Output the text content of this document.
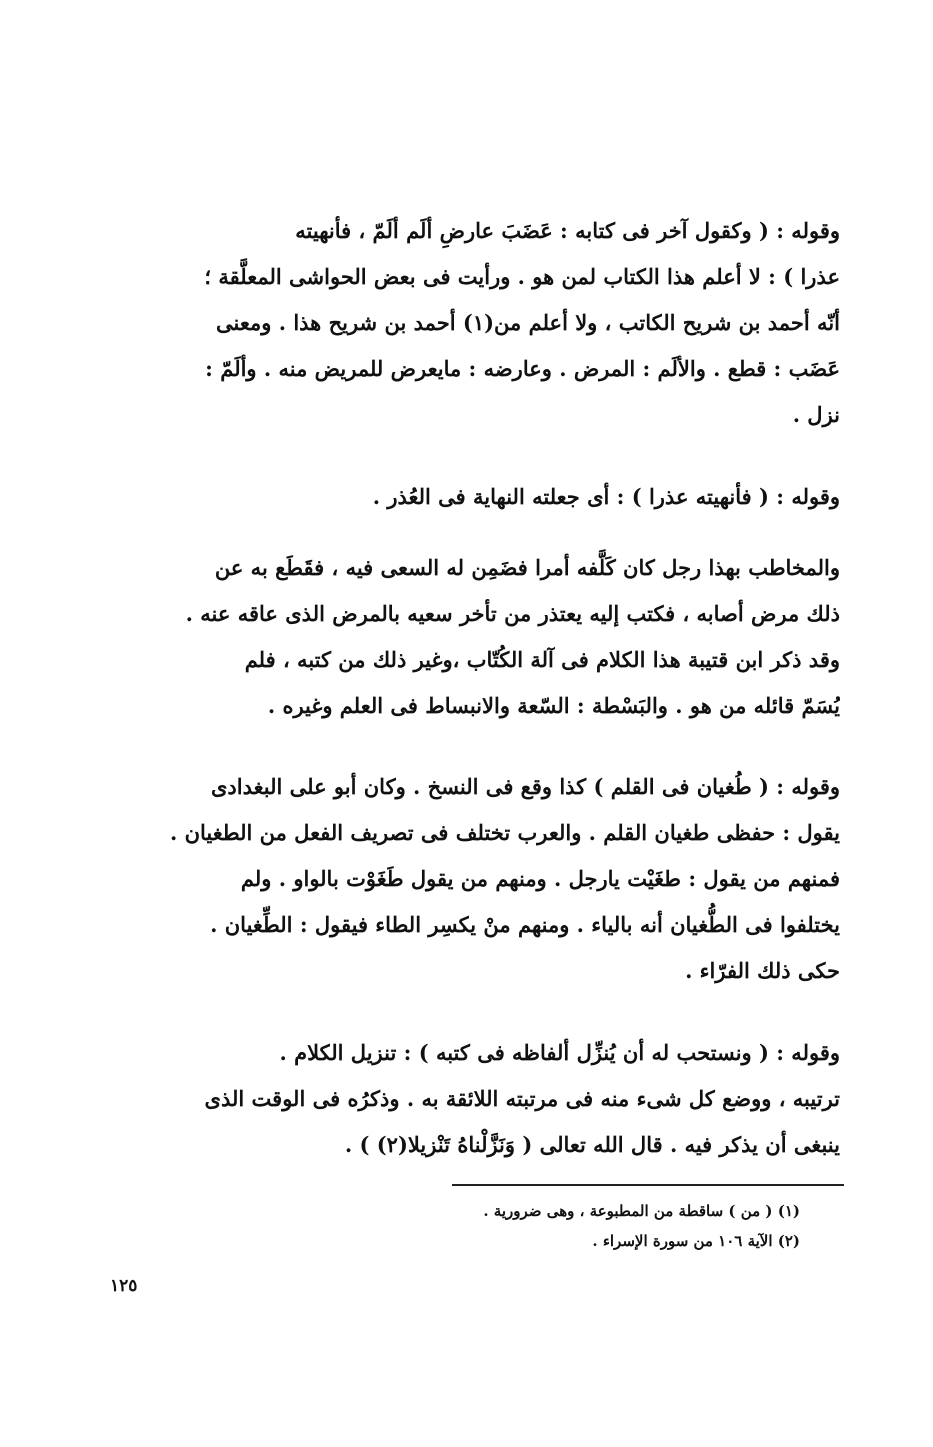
وقوله : ( وكقول آخر فى كتابه : عَضَبَ عارضِ ألَم ألَمّ ، فأنهيته
عذرا ) : لا أعلم هذا الكتاب لمن هو . ورأيت فى بعض الحواشى المعلَّقة ؛
أنّه أحمد بن شريح الكاتب ، ولا أعلم من(١) أحمد بن شريح هذا . ومعنى
عَضَب : قطع . والألَم : المرض . وعارضه : مايعرض للمريض منه . وألَمّ :
نزل .
وقوله : ( فأنهيته عذرا ) : أى جعلته النهاية فى العُذر .
والمخاطب بهذا رجل كان كَلَّفه أمرا فضَمِن له السعى فيه ، فقَطَع به عن
ذلك مرض أصابه ، فكتب إليه يعتذر من تأخر سعيه بالمرض الذى عاقه عنه .
وقد ذكر ابن قتيبة هذا الكلام فى آلة الكُتّاب ،وغير ذلك من كتبه ، فلم
يُسَمّ قائله من هو . والبَسْطة : السّعة والانبساط فى العلم وغيره .
وقوله : ( طُغيان فى القلم ) كذا وقع فى النسخ . وكان أبو على البغدادى
يقول : حفظى طغيان القلم . والعرب تختلف فى تصريف الفعل من الطغيان .
فمنهم من يقول : طغَيْت يارجل . ومنهم من يقول طَغَوْت بالواو . ولم
يختلفوا فى الطُّغيان أنه بالياء . ومنهم منْ يكسِر الطاء فيقول : الطِّغيان .
حكى ذلك الفرّاء .
وقوله : ( ونستحب له أن يُنزِّل ألفاظه فى كتبه ) : تنزيل الكلام .
ترتيبه ، ووضع كل شىء منه فى مرتبته اللائقة به . وذكرُه فى الوقت الذى
ينبغى أن يذكر فيه . قال الله تعالى ( وَنَزَّلْناهُ تَنْزيلا(٢) ) .
(١) ( من ) ساقطة من المطبوعة ، وهى ضرورية .
(٢) الآية ١٠٦ من سورة الإسراء .
١٢٥
